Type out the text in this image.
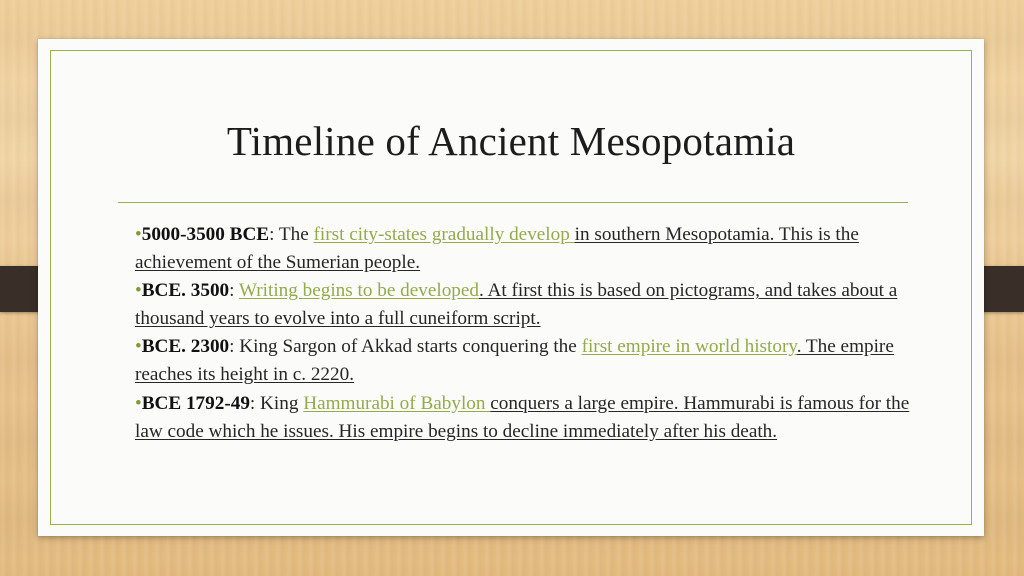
Timeline of Ancient Mesopotamia

•5000-3500 BCE: The first city-states gradually develop in southern Mesopotamia. This is the achievement of the Sumerian people.

•BCE. 3500: Writing begins to be developed. At first this is based on pictograms, and takes about a thousand years to evolve into a full cuneiform script.

•BCE. 2300: King Sargon of Akkad starts conquering the first empire in world history. The empire reaches its height in c. 2220.

•BCE 1792-49: King Hammurabi of Babylon conquers a large empire. Hammurabi is famous for the law code which he issues. His empire begins to decline immediately after his death.
